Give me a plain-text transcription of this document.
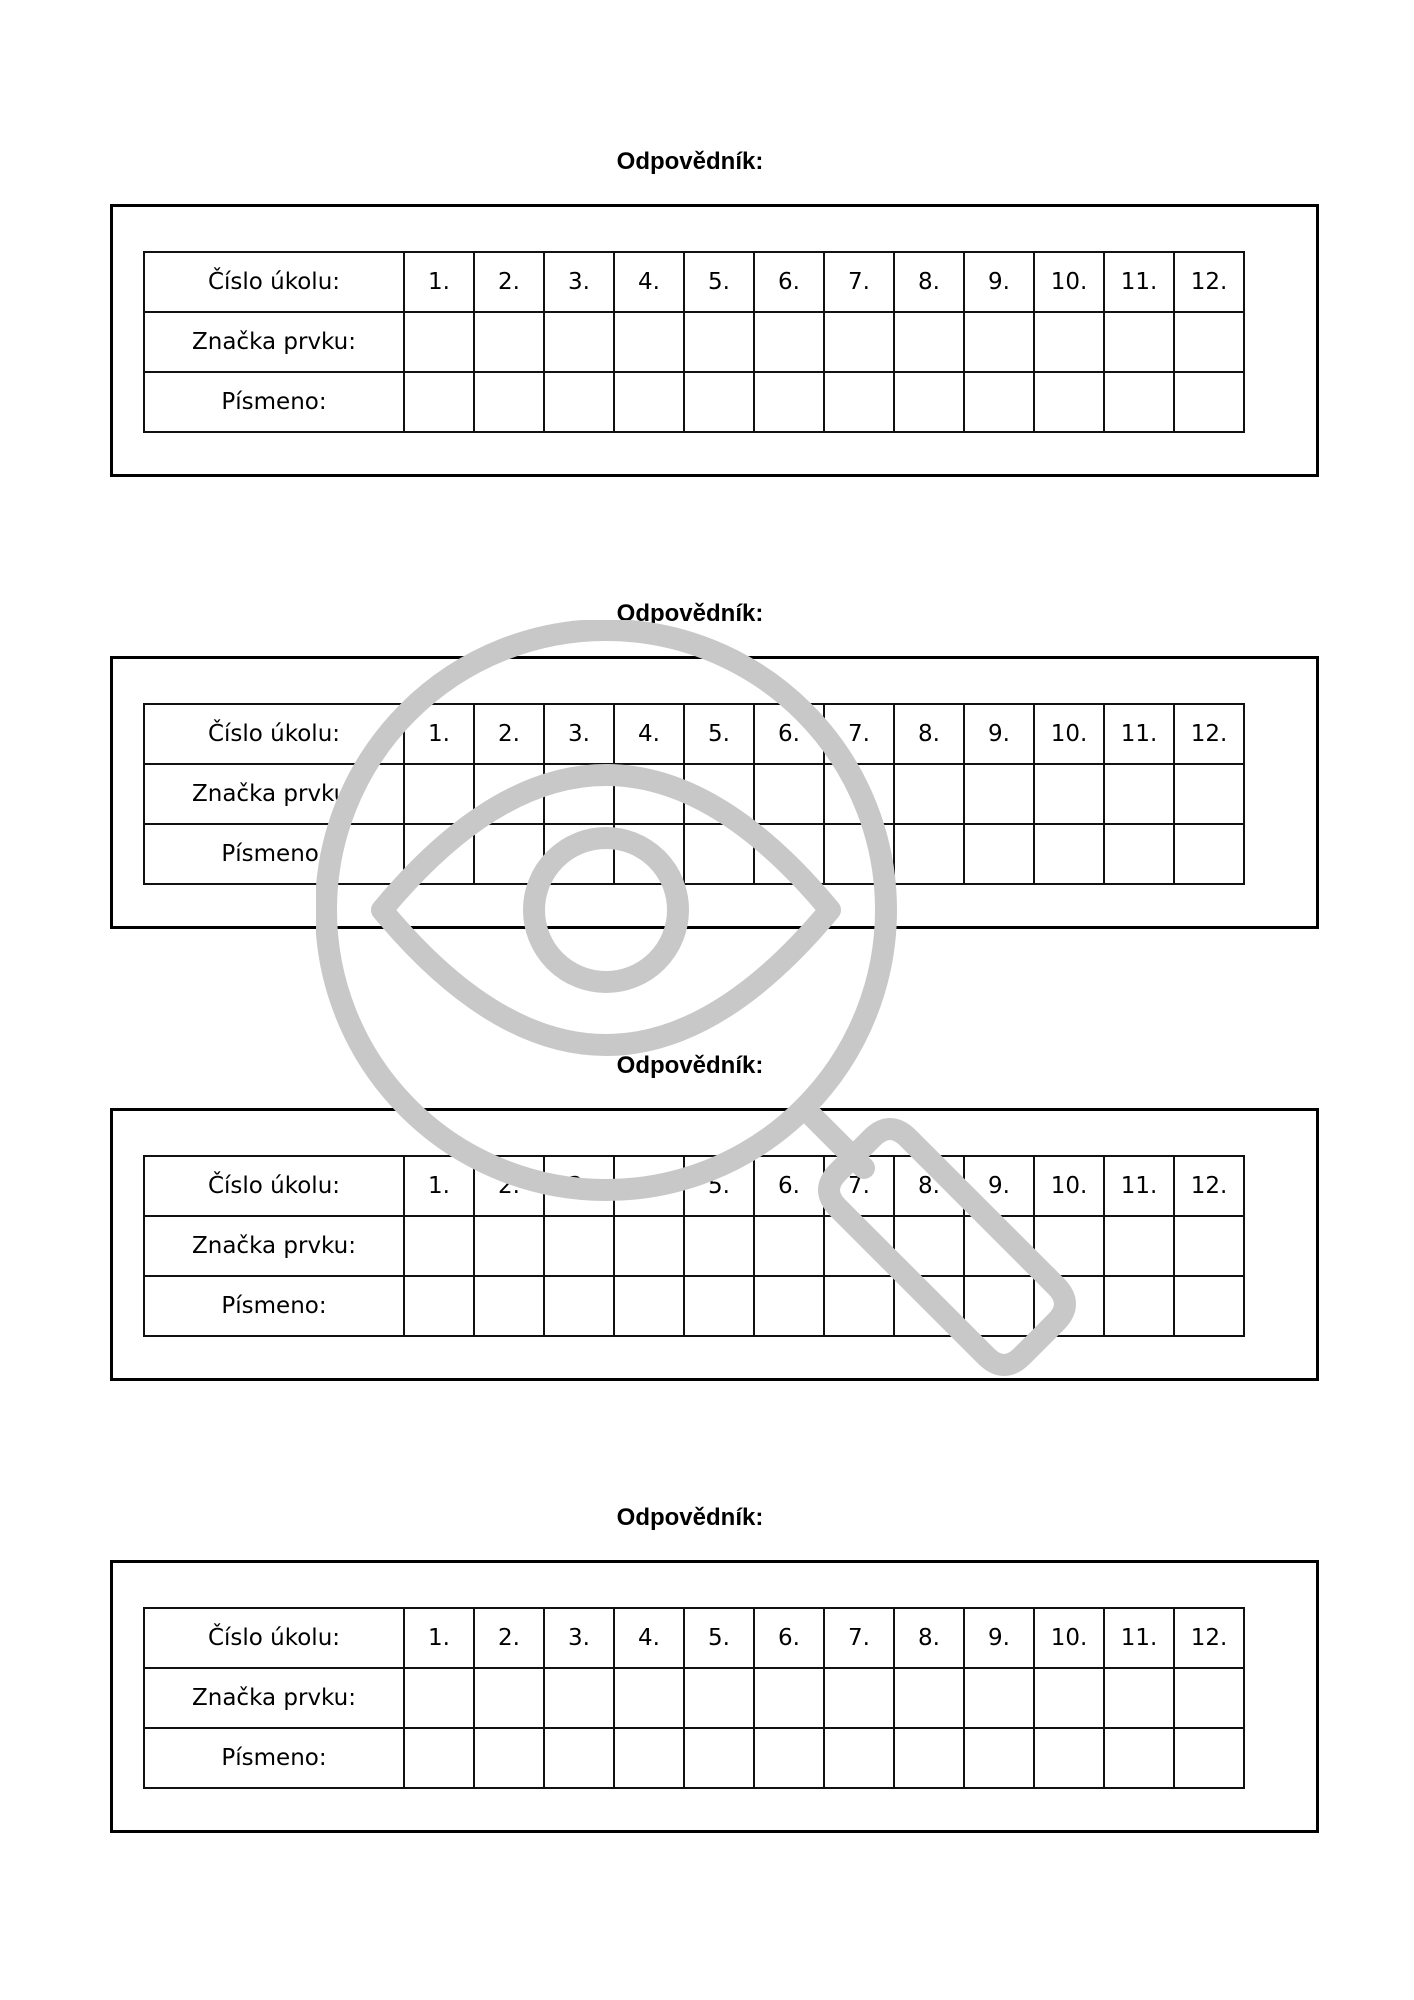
Odpovědník:
Číslo úkolu:	1.	2.	3.	4.	5.	6.	7.	8.	9.	10.	11.	12.
Značka prvku:												
Písmeno:												
Odpovědník:
Číslo úkolu:	1.	2.	3.	4.	5.	6.	7.	8.	9.	10.	11.	12.
Značka prvku:												
Písmeno:												
Odpovědník:
Číslo úkolu:	1.	2.	3.	4.	5.	6.	7.	8.	9.	10.	11.	12.
Značka prvku:												
Písmeno:												
Odpovědník:
Číslo úkolu:	1.	2.	3.	4.	5.	6.	7.	8.	9.	10.	11.	12.
Značka prvku:												
Písmeno:												
